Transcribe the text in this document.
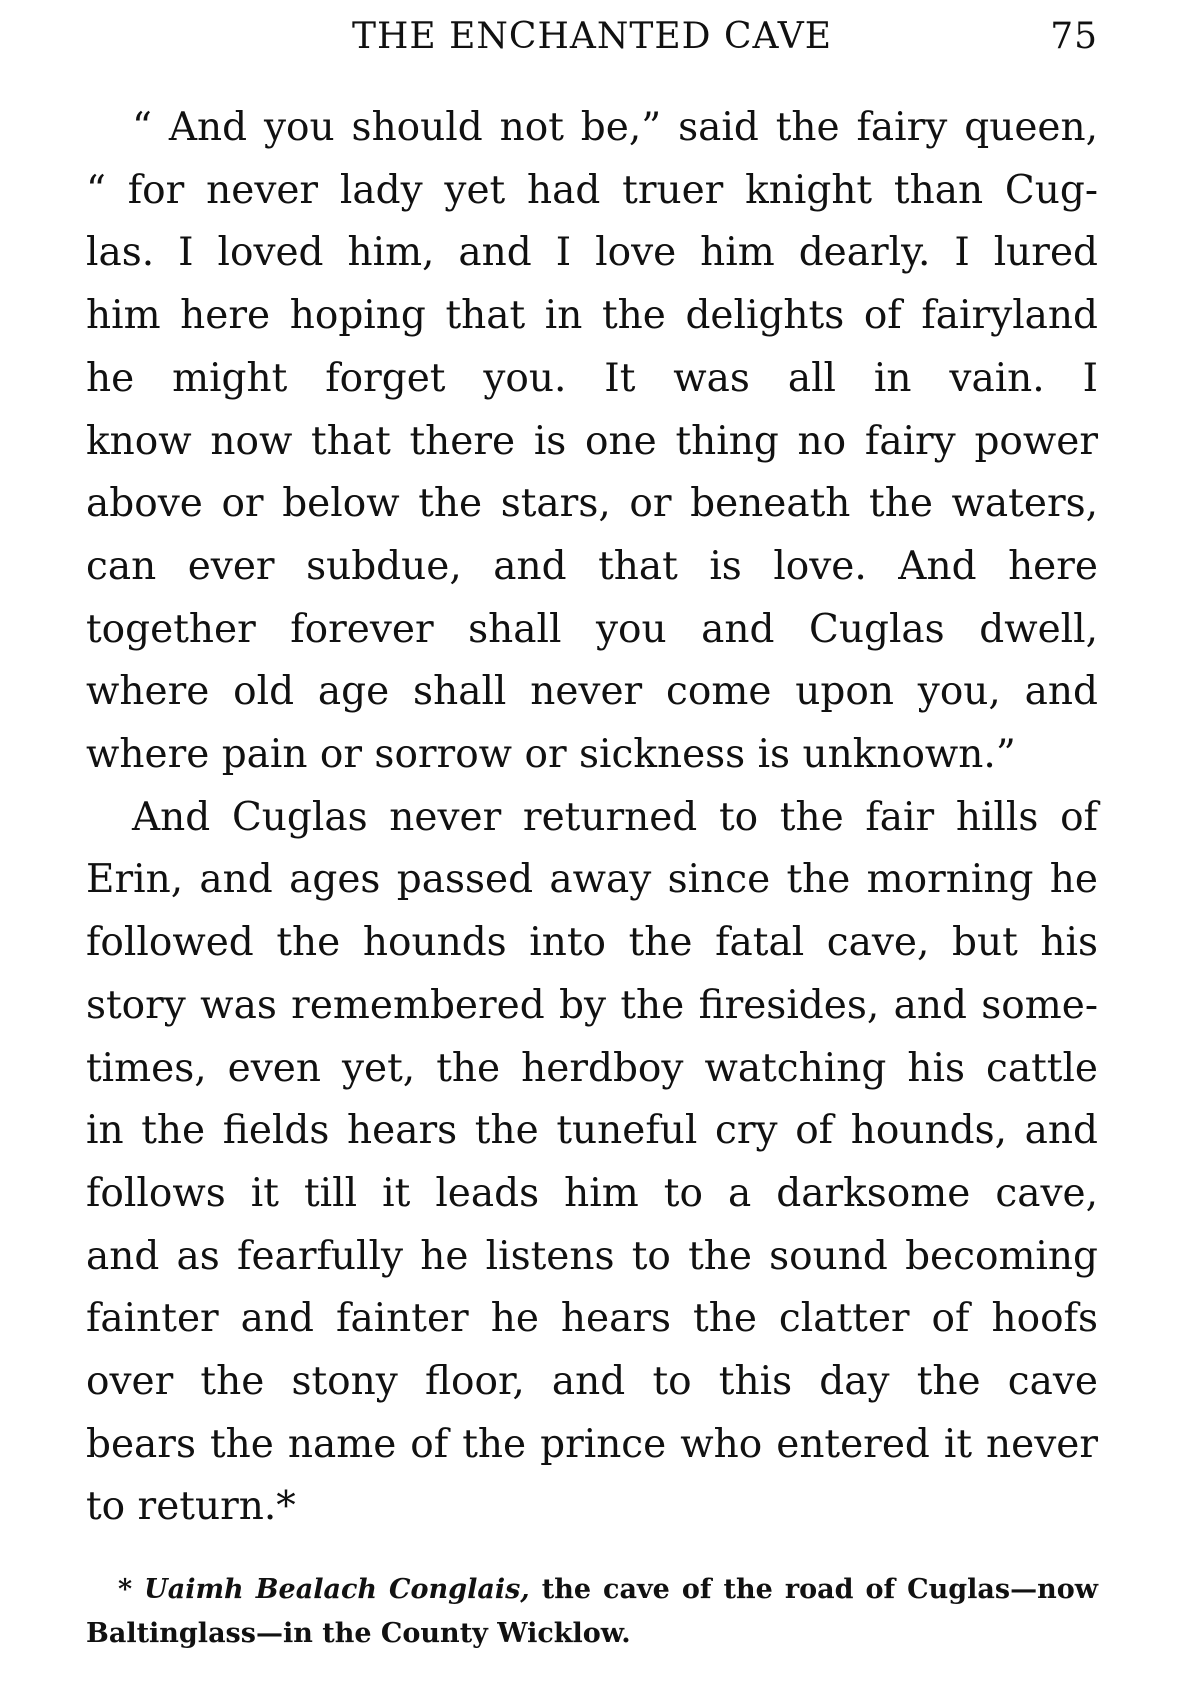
THE ENCHANTED CAVE	75
“ And you should not be,” said the fairy queen,
“ for never lady yet had truer knight than Cug-
las. I loved him, and I love him dearly. I lured
him here hoping that in the delights of fairyland
he might forget you. It was all in vain. I
know now that there is one thing no fairy power
above or below the stars, or beneath the waters,
can ever subdue, and that is love. And here
together forever shall you and Cuglas dwell,
where old age shall never come upon you, and
where pain or sorrow or sickness is unknown.”
And Cuglas never returned to the fair hills of
Erin, and ages passed away since the morning he
followed the hounds into the fatal cave, but his
story was remembered by the firesides, and some-
times, even yet, the herdboy watching his cattle
in the fields hears the tuneful cry of hounds, and
follows it till it leads him to a darksome cave,
and as fearfully he listens to the sound becoming
fainter and fainter he hears the clatter of hoofs
over the stony floor, and to this day the cave
bears the name of the prince who entered it never
to return.*
* Uaimh Bealach Conglais, the cave of the road of Cuglas—now
Baltinglass—in the County Wicklow.
